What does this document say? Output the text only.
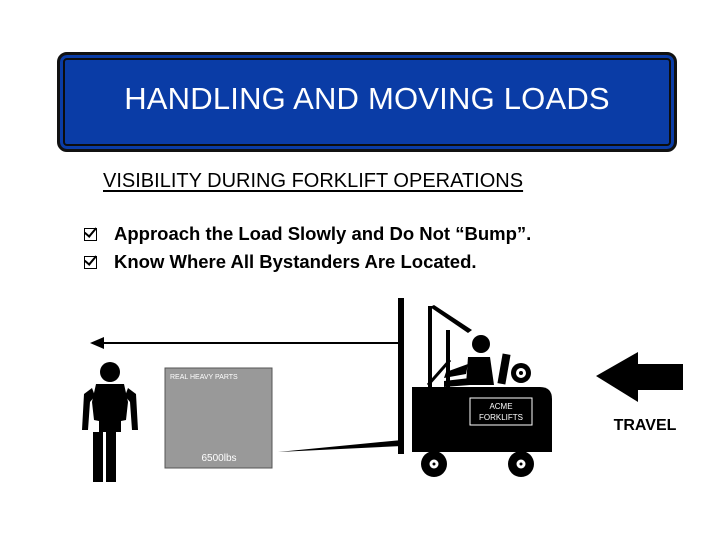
HANDLING AND MOVING LOADS
VISIBILITY DURING FORKLIFT OPERATIONS
Approach the Load Slowly and Do Not “Bump”.
Know Where All Bystanders Are Located.
REAL HEAVY PARTS
6500lbs
ACME
FORKLIFTS	TRAVEL
